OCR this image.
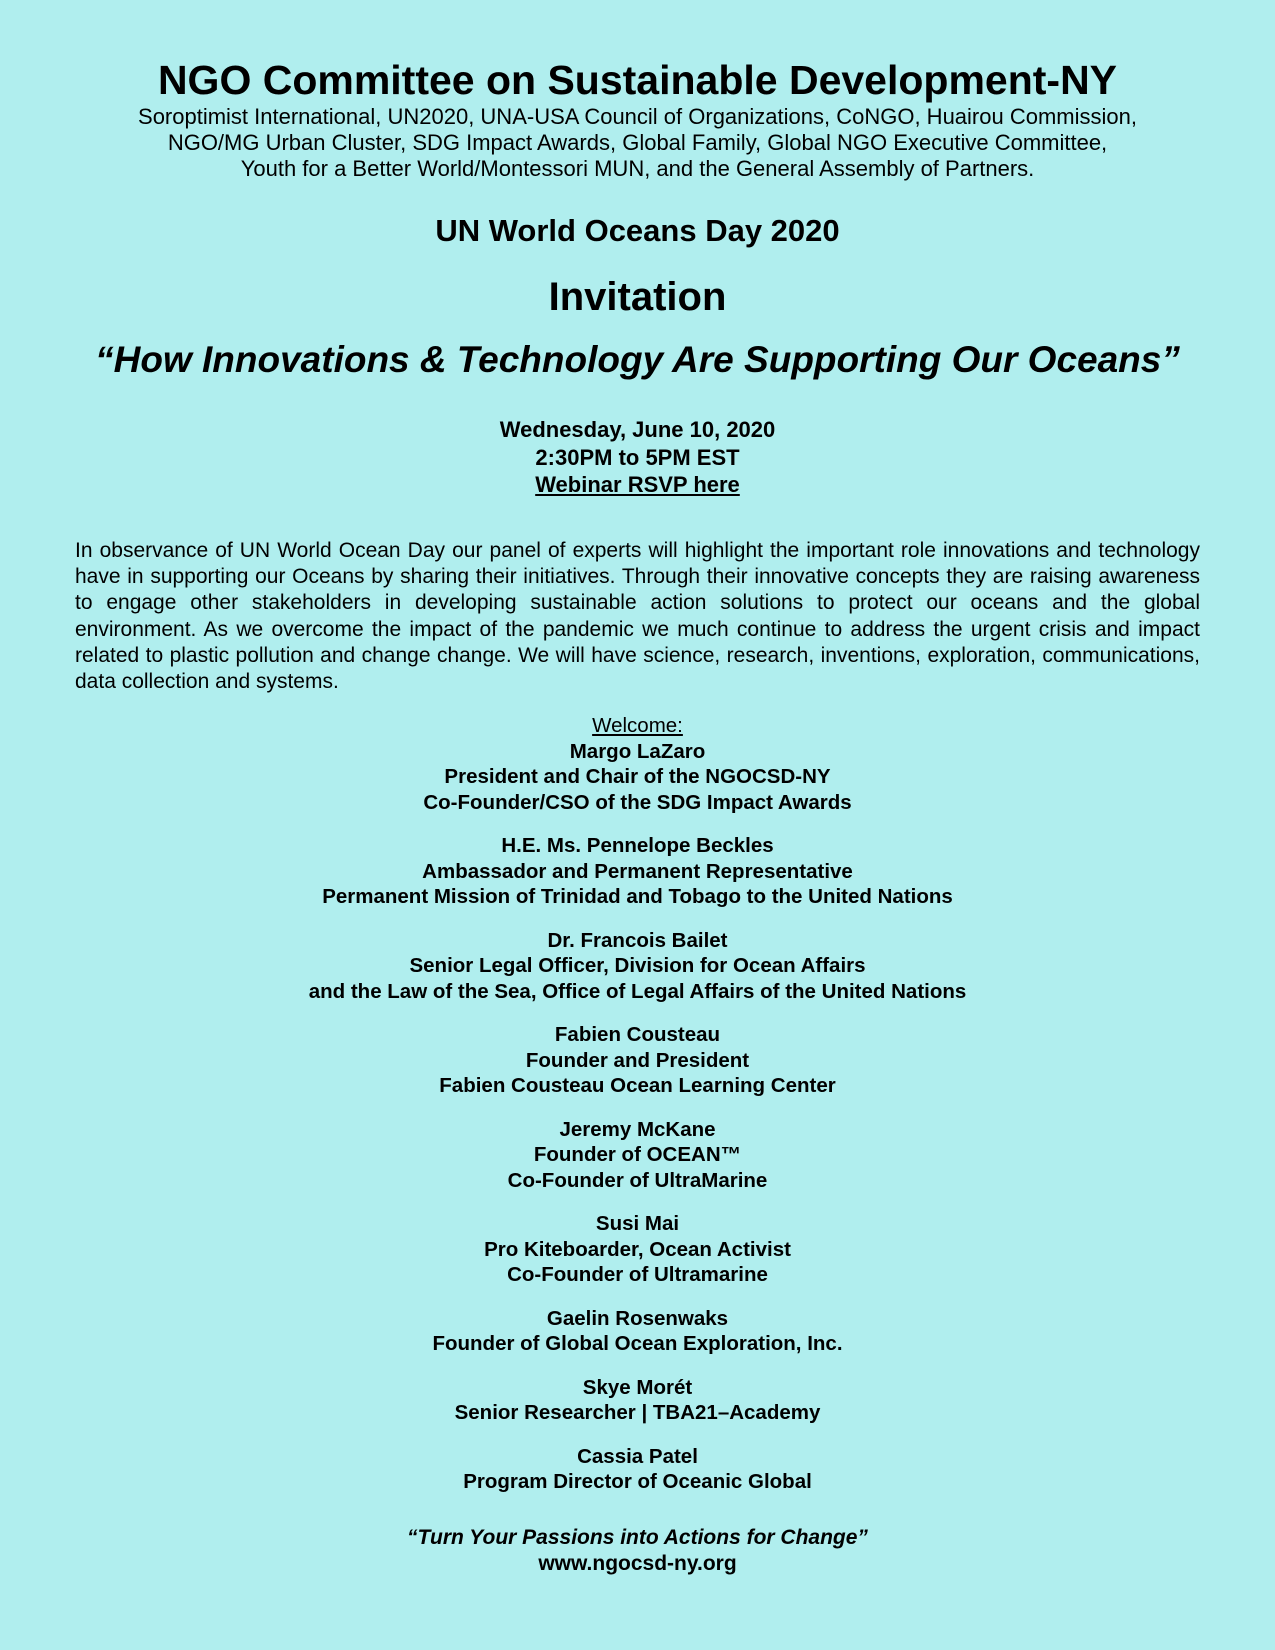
NGO Committee on Sustainable Development-NY
Soroptimist International, UN2020, UNA-USA Council of Organizations, CoNGO, Huairou Commission,
NGO/MG Urban Cluster, SDG Impact Awards, Global Family, Global NGO Executive Committee,
Youth for a Better World/Montessori MUN, and the General Assembly of Partners.
UN World Oceans Day 2020
Invitation
“How Innovations & Technology Are Supporting Our Oceans”
Wednesday, June 10, 2020
2:30PM to 5PM EST
Webinar RSVP here
In observance of UN World Ocean Day our panel of experts will highlight the important role innovations and technology have in supporting our Oceans by sharing their initiatives. Through their innovative concepts they are raising awareness to engage other stakeholders in developing sustainable action solutions to protect our oceans and the global environment. As we overcome the impact of the pandemic we much continue to address the urgent crisis and impact related to plastic pollution and change change. We will have science, research, inventions, exploration, communications, data collection and systems.
Welcome:
Margo LaZaro
President and Chair of the NGOCSD-NY
Co-Founder/CSO of the SDG Impact Awards
H.E. Ms. Pennelope Beckles
Ambassador and Permanent Representative
Permanent Mission of Trinidad and Tobago to the United Nations
Dr. Francois Bailet
Senior Legal Officer, Division for Ocean Affairs
and the Law of the Sea, Office of Legal Affairs of the United Nations
Fabien Cousteau
Founder and President
Fabien Cousteau Ocean Learning Center
Jeremy McKane
Founder of OCEAN™
Co-Founder of UltraMarine
Susi Mai
Pro Kiteboarder, Ocean Activist
Co-Founder of Ultramarine
Gaelin Rosenwaks
Founder of Global Ocean Exploration, Inc.
Skye Morét
Senior Researcher | TBA21–Academy
Cassia Patel
Program Director of Oceanic Global
“Turn Your Passions into Actions for Change”
www.ngocsd-ny.org
